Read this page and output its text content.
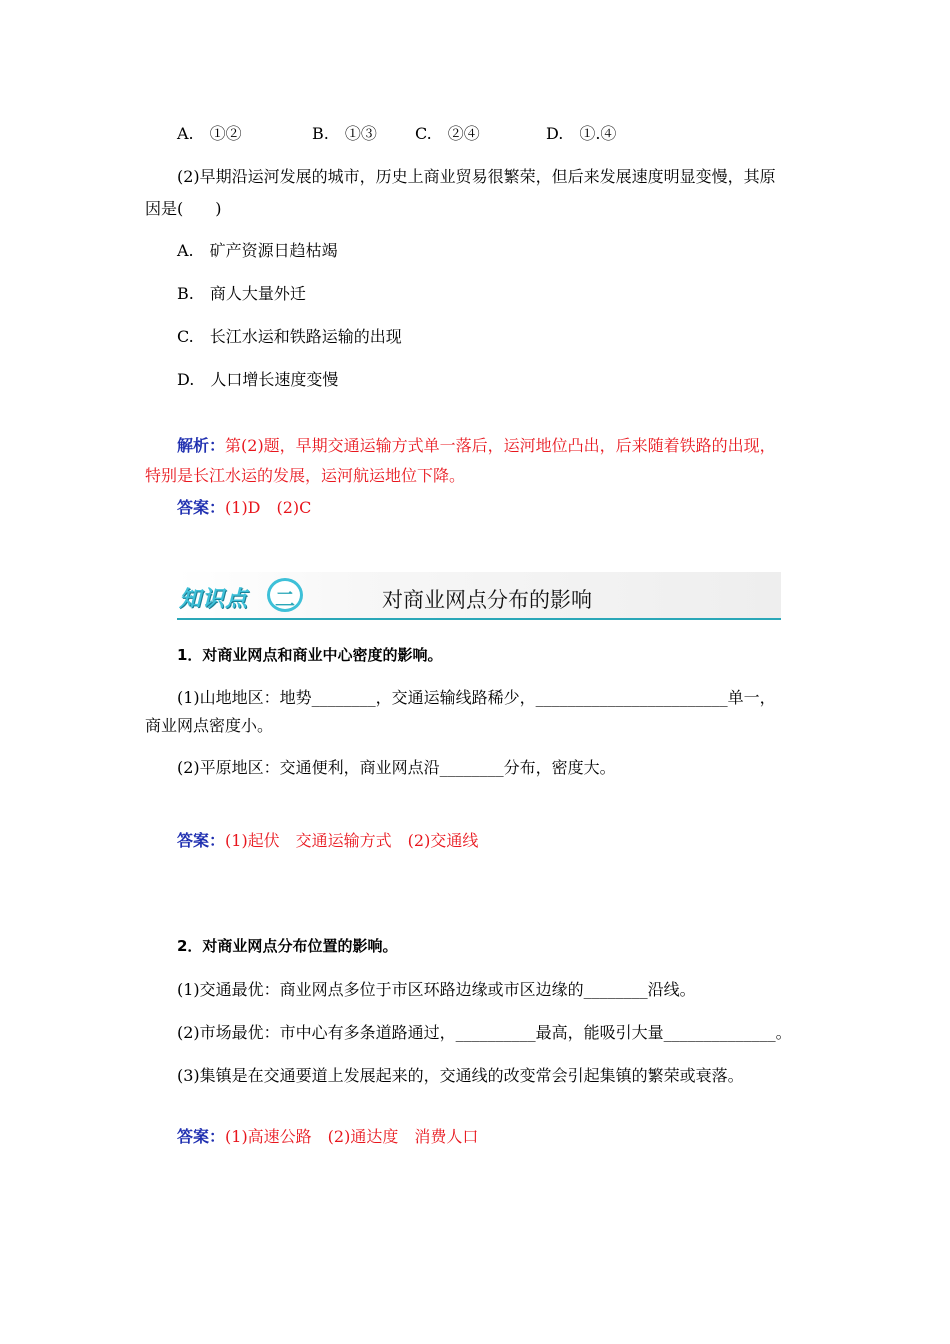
A.　①②	B.　①③ C.　②④	D.　①.④
(2)早期沿运河发展的城市，历史上商业贸易很繁荣，但后来发展速度明显变慢，其原
因是(　　)
A.　矿产资源日趋枯竭
B.　商人大量外迁
C.　长江水运和铁路运输的出现
D.　人口增长速度变慢
解析：第(2)题，早期交通运输方式单一落后，运河地位凸出，后来随着铁路的出现，
特别是长江水运的发展，运河航运地位下降。
答案：(1)D　(2)C
知识点 二	对商业网点分布的影响
1．对商业网点和商业中心密度的影响。
(1)山地地区：地势________，交通运输线路稀少，________________________单一，
商业网点密度小。
(2)平原地区：交通便利，商业网点沿________分布，密度大。
答案：(1)起伏　交通运输方式　(2)交通线
2．对商业网点分布位置的影响。
(1)交通最优：商业网点多位于市区环路边缘或市区边缘的________沿线。
(2)市场最优：市中心有多条道路通过，__________最高，能吸引大量______________。
(3)集镇是在交通要道上发展起来的，交通线的改变常会引起集镇的繁荣或衰落。
答案：(1)高速公路　(2)通达度　消费人口
